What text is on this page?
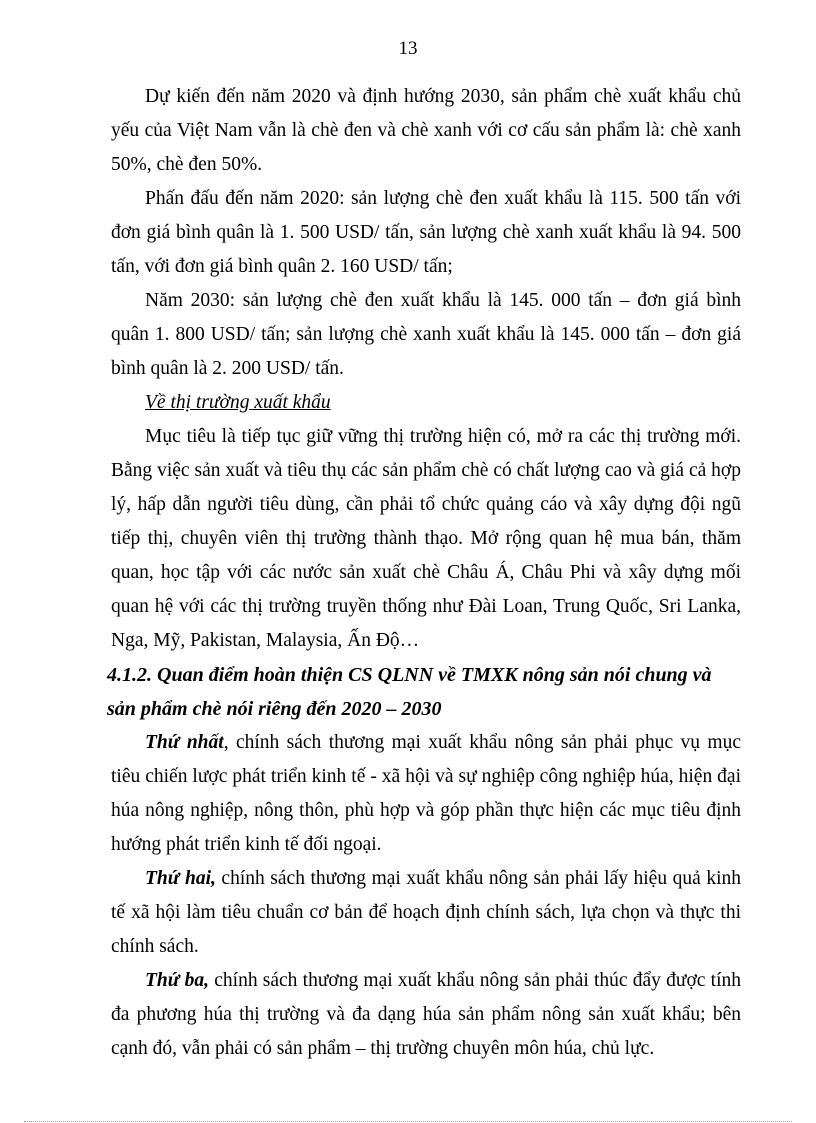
13

Dự kiến đến năm 2020 và định hướng 2030, sản phẩm chè xuất khẩu chủ yếu của Việt Nam vẫn là chè đen và chè xanh với cơ cấu sản phẩm là: chè xanh 50%, chè đen 50%.

Phấn đấu đến năm 2020: sản lượng chè đen xuất khẩu là 115. 500 tấn với đơn giá bình quân là 1. 500 USD/ tấn, sản lượng chè xanh xuất khẩu là 94. 500 tấn, với đơn giá bình quân 2. 160 USD/ tấn;

Năm 2030: sản lượng chè đen xuất khẩu là 145. 000 tấn – đơn giá bình quân 1. 800 USD/ tấn; sản lượng chè xanh xuất khẩu là 145. 000 tấn – đơn giá bình quân là 2. 200 USD/ tấn.

Về thị trường xuất khẩu

Mục tiêu là tiếp tục giữ vững thị trường hiện có, mở ra các thị trường mới. Bằng việc sản xuất và tiêu thụ các sản phẩm chè có chất lượng cao và giá cả hợp lý, hấp dẫn người tiêu dùng, cần phải tổ chức quảng cáo và xây dựng đội ngũ tiếp thị, chuyên viên thị trường thành thạo. Mở rộng quan hệ mua bán, thăm quan, học tập với các nước sản xuất chè Châu Á, Châu Phi và xây dựng mối quan hệ với các thị trường truyền thống như Đài Loan, Trung Quốc, Sri Lanka, Nga, Mỹ, Pakistan, Malaysia, Ấn Độ…

4.1.2. Quan điểm hoàn thiện CS QLNN về TMXK nông sản nói chung và
sản phẩm chè nói riêng đến 2020 – 2030

Thứ nhất, chính sách thương mại xuất khẩu nông sản phải phục vụ mục tiêu chiến lược phát triển kinh tế - xã hội và sự nghiệp công nghiệp húa, hiện đại húa nông nghiệp, nông thôn, phù hợp và góp phần thực hiện các mục tiêu định hướng phát triển kinh tế đối ngoại.

Thứ hai, chính sách thương mại xuất khẩu nông sản phải lấy hiệu quả kinh tế xã hội làm tiêu chuẩn cơ bản để hoạch định chính sách, lựa chọn và thực thi chính sách.

Thứ ba, chính sách thương mại xuất khẩu nông sản phải thúc đẩy được tính đa phương húa thị trường và đa dạng húa sản phẩm nông sản xuất khẩu; bên cạnh đó, vẫn phải có sản phẩm – thị trường chuyên môn húa, chủ lực.
